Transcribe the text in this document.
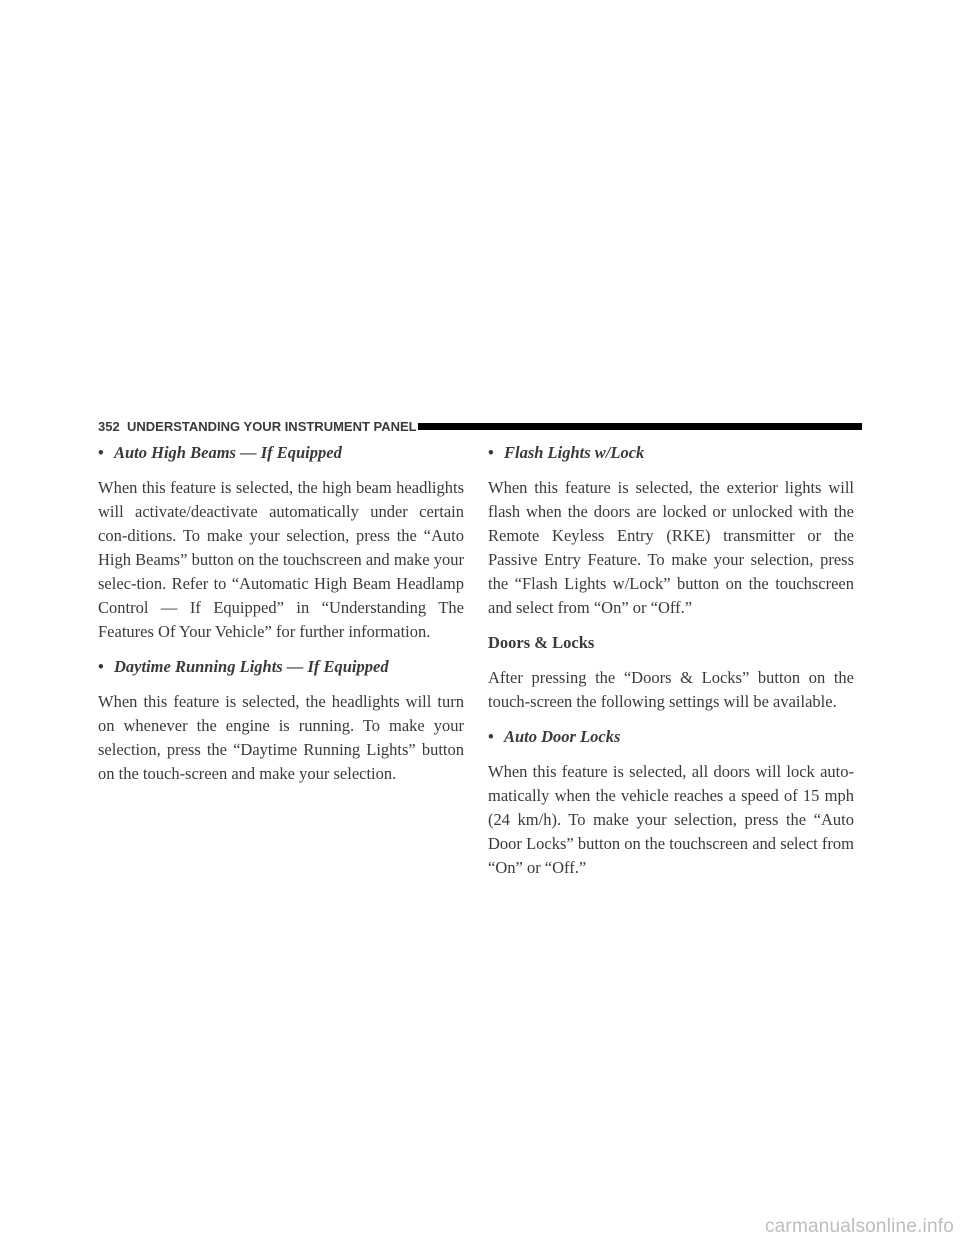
352 UNDERSTANDING YOUR INSTRUMENT PANEL
• Auto High Beams — If Equipped

When this feature is selected, the high beam headlights will activate/deactivate automatically under certain con-ditions. To make your selection, press the “Auto High Beams” button on the touchscreen and make your selec-tion. Refer to “Automatic High Beam Headlamp Control — If Equipped” in “Understanding The Features Of Your Vehicle” for further information.

• Daytime Running Lights — If Equipped

When this feature is selected, the headlights will turn on whenever the engine is running. To make your selection, press the “Daytime Running Lights” button on the touch-screen and make your selection.

• Flash Lights w/Lock

When this feature is selected, the exterior lights will flash when the doors are locked or unlocked with the Remote Keyless Entry (RKE) transmitter or the Passive Entry Feature. To make your selection, press the “Flash Lights w/Lock” button on the touchscreen and select from “On” or “Off.”

Doors & Locks

After pressing the “Doors & Locks” button on the touch-screen the following settings will be available.

• Auto Door Locks

When this feature is selected, all doors will lock auto-matically when the vehicle reaches a speed of 15 mph (24 km/h). To make your selection, press the “Auto Door Locks” button on the touchscreen and select from “On” or “Off.”

carmanualsonline.info
